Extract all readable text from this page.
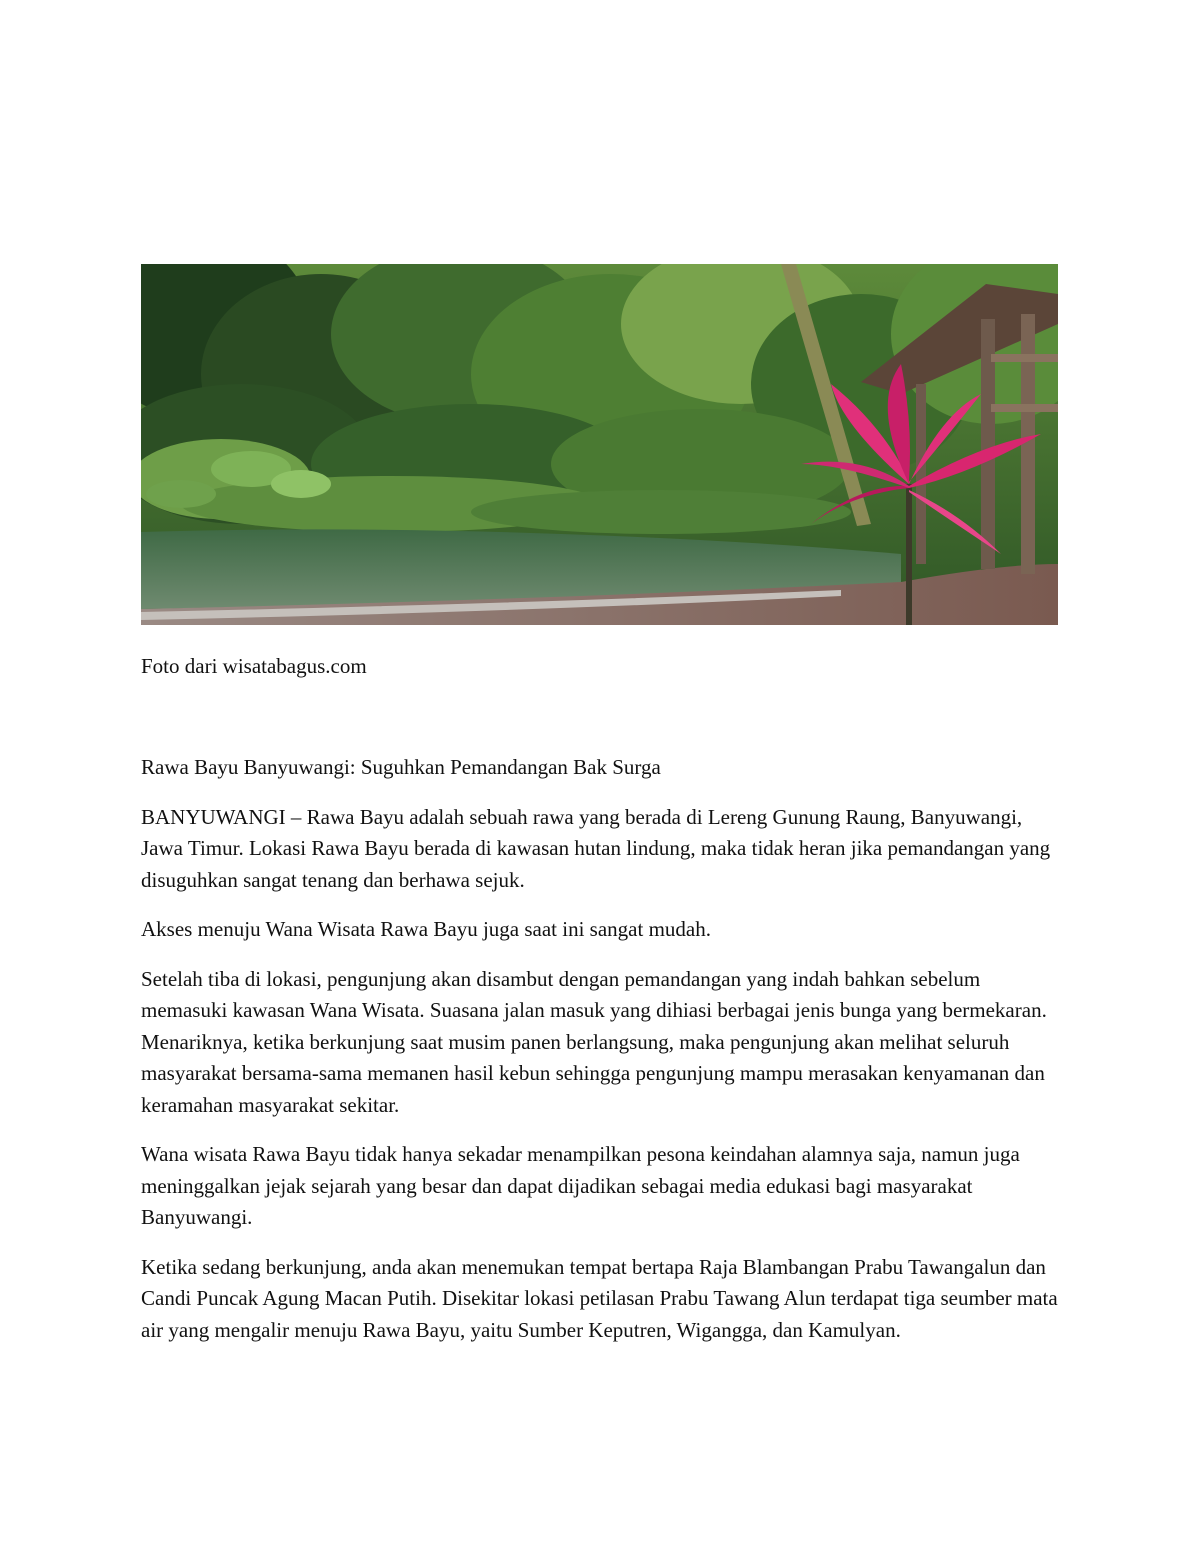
Foto dari wisatabagus.com

Rawa Bayu Banyuwangi: Suguhkan Pemandangan Bak Surga

BANYUWANGI – Rawa Bayu adalah sebuah rawa yang berada di Lereng Gunung Raung, Banyuwangi, Jawa Timur. Lokasi Rawa Bayu berada di kawasan hutan lindung, maka tidak heran jika pemandangan yang disuguhkan sangat tenang dan berhawa sejuk.

Akses menuju Wana Wisata Rawa Bayu juga saat ini sangat mudah.

Setelah tiba di lokasi, pengunjung akan disambut dengan pemandangan yang indah bahkan sebelum memasuki kawasan Wana Wisata. Suasana jalan masuk yang dihiasi berbagai jenis bunga yang bermekaran. Menariknya, ketika berkunjung saat musim panen berlangsung, maka pengunjung akan melihat seluruh masyarakat bersama-sama memanen hasil kebun sehingga pengunjung mampu merasakan kenyamanan dan keramahan masyarakat sekitar.

Wana wisata Rawa Bayu tidak hanya sekadar menampilkan pesona keindahan alamnya saja, namun juga meninggalkan jejak sejarah yang besar dan dapat dijadikan sebagai media edukasi bagi masyarakat Banyuwangi.

Ketika sedang berkunjung, anda akan menemukan tempat bertapa Raja Blambangan Prabu Tawangalun dan Candi Puncak Agung Macan Putih. Disekitar lokasi petilasan Prabu Tawang Alun terdapat tiga seumber mata air yang mengalir menuju Rawa Bayu, yaitu Sumber Keputren, Wigangga, dan Kamulyan.
